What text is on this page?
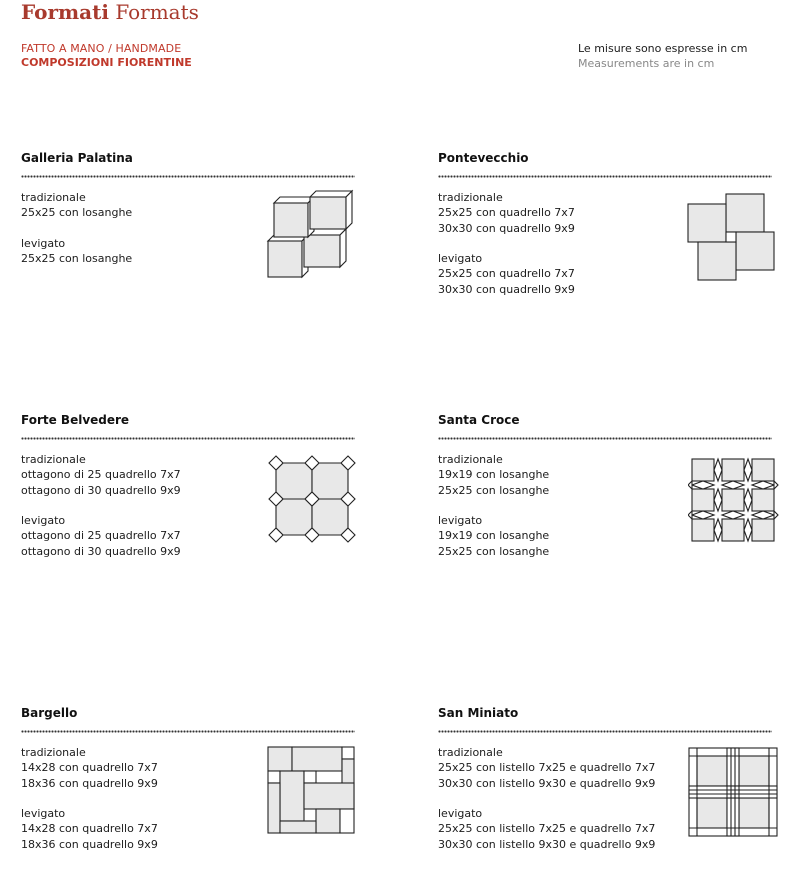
Formati Formats
FATTO A MANO / HANDMADE
COMPOSIZIONI FIORENTINE
Le misure sono espresse in cm
Measurements are in cm
Galleria Palatina
tradizionale
25x25 con losanghe
levigato
25x25 con losanghe
Pontevecchio
tradizionale
25x25 con quadrello 7x7
30x30 con quadrello 9x9
levigato
25x25 con quadrello 7x7
30x30 con quadrello 9x9
Forte Belvedere
tradizionale
ottagono di 25 quadrello 7x7
ottagono di 30 quadrello 9x9
levigato
ottagono di 25 quadrello 7x7
ottagono di 30 quadrello 9x9
Santa Croce
tradizionale
19x19 con losanghe
25x25 con losanghe
levigato
19x19 con losanghe
25x25 con losanghe
Bargello
tradizionale
14x28 con quadrello 7x7
18x36 con quadrello 9x9
levigato
14x28 con quadrello 7x7
18x36 con quadrello 9x9
San Miniato
tradizionale
25x25 con listello 7x25 e quadrello 7x7
30x30 con listello 9x30 e quadrello 9x9
levigato
25x25 con listello 7x25 e quadrello 7x7
30x30 con listello 9x30 e quadrello 9x9
